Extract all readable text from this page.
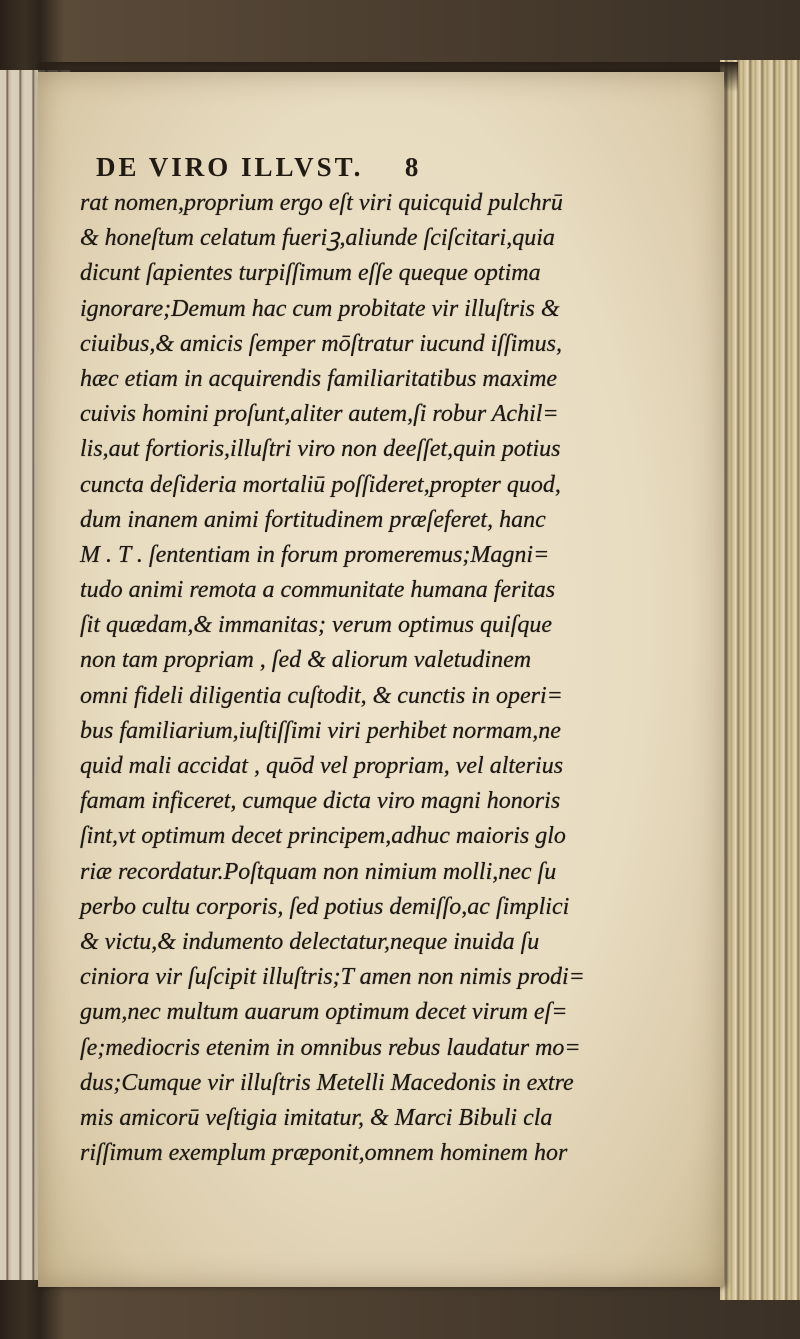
DE VIRO ILLVST. 8
rat nomen,proprium ergo eſt viri quicquid pulchrū
& honeſtum celatum fueriꝫ,aliunde ſciſcitari,quia
dicunt ſapientes turpiſſimum eſſe queque optima
ignorare;Demum hac cum probitate vir illuſtris &
ciuibus,& amicis ſemper mōſtratur iucund iſſimus,
hæc etiam in acquirendis familiaritatibus maxime
cuivis homini proſunt,aliter autem,ſi robur Achil=
lis,aut fortioris,illuſtri viro non deeſſet,quin potius
cuncta deſideria mortaliū poſſideret,propter quod,
dum inanem animi fortitudinem præſeferet, hanc
M . T . ſententiam in forum promeremus;Magni=
tudo animi remota a communitate humana feritas
ſit quædam,& immanitas; verum optimus quiſque
non tam propriam , ſed & aliorum valetudinem
omni fideli diligentia cuſtodit, & cunctis in operi=
bus familiarium,iuſtiſſimi viri perhibet normam,ne
quid mali accidat , quōd vel propriam, vel alterius
famam inficeret, cumque dicta viro magni honoris
ſint,vt optimum decet principem,adhuc maioris glo
riæ recordatur.Poſtquam non nimium molli,nec ſu
perbo cultu corporis, ſed potius demiſſo,ac ſimplici
& victu,& indumento delectatur,neque inuida ſu
ciniora vir ſuſcipit illuſtris;T amen non nimis prodi=
gum,nec multum auarum optimum decet virum eſ=
ſe;mediocris etenim in omnibus rebus laudatur mo=
dus;Cumque vir illuſtris Metelli Macedonis in extre
mis amicorū veſtigia imitatur, & Marci Bibuli cla
riſſimum exemplum præponit,omnem hominem hor
